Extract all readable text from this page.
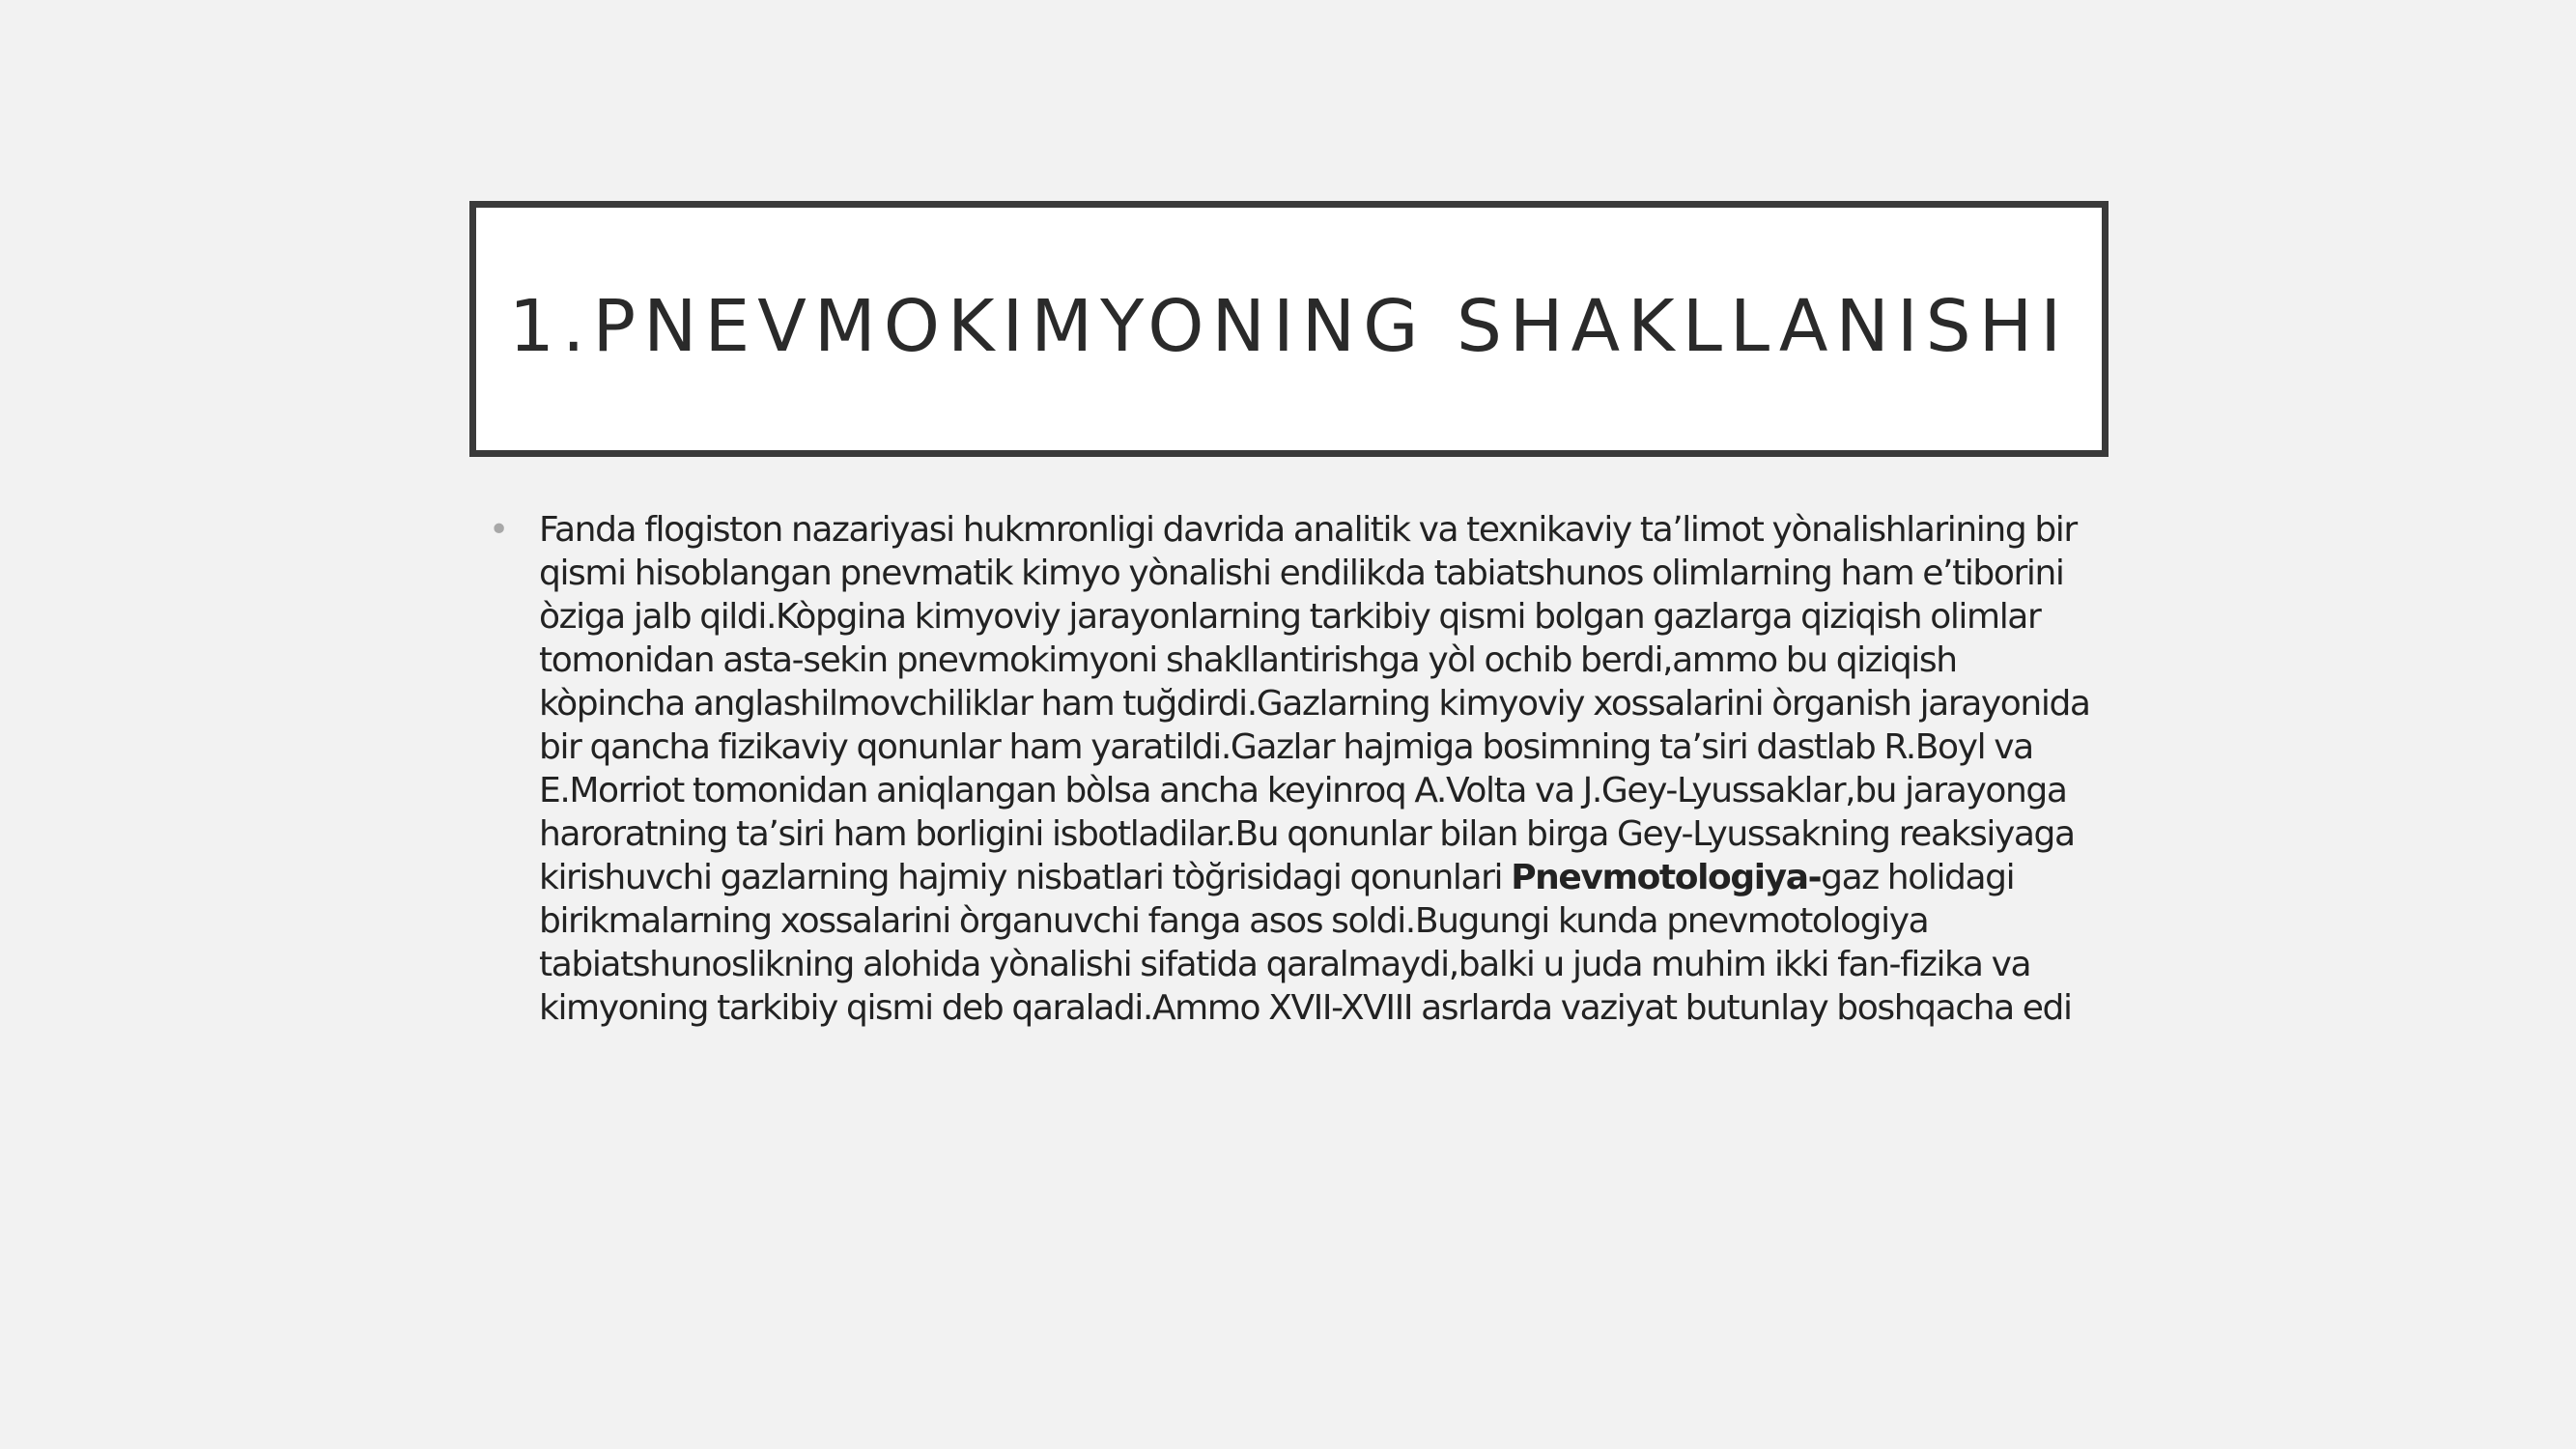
1.PNEVMOKIMYONING SHAKLLANISHI
• Fanda flogiston nazariyasi hukmronligi davrida analitik va texnikaviy ta’limot yònalishlarining bir
qismi hisoblangan pnevmatik kimyo yònalishi endilikda tabiatshunos olimlarning ham e’tiborini
òziga jalb qildi.Kòpgina kimyoviy jarayonlarning tarkibiy qismi bolgan gazlarga qiziqish olimlar
tomonidan asta-sekin pnevmokimyoni shakllantirishga yòl ochib berdi,ammo bu qiziqish
kòpincha anglashilmovchiliklar ham tuğdirdi.Gazlarning kimyoviy xossalarini òrganish jarayonida
bir qancha fizikaviy qonunlar ham yaratildi.Gazlar hajmiga bosimning ta’siri dastlab R.Boyl va
E.Morriot tomonidan aniqlangan bòlsa ancha keyinroq A.Volta va J.Gey-Lyussaklar,bu jarayonga
haroratning ta’siri ham borligini isbotladilar.Bu qonunlar bilan birga Gey-Lyussakning reaksiyaga
kirishuvchi gazlarning hajmiy nisbatlari tòğrisidagi qonunlari Pnevmotologiya-gaz holidagi
birikmalarning xossalarini òrganuvchi fanga asos soldi.Bugungi kunda pnevmotologiya
tabiatshunoslikning alohida yònalishi sifatida qaralmaydi,balki u juda muhim ikki fan-fizika va
kimyoning tarkibiy qismi deb qaraladi.Ammo XVII-XVIII asrlarda vaziyat butunlay boshqacha edi
